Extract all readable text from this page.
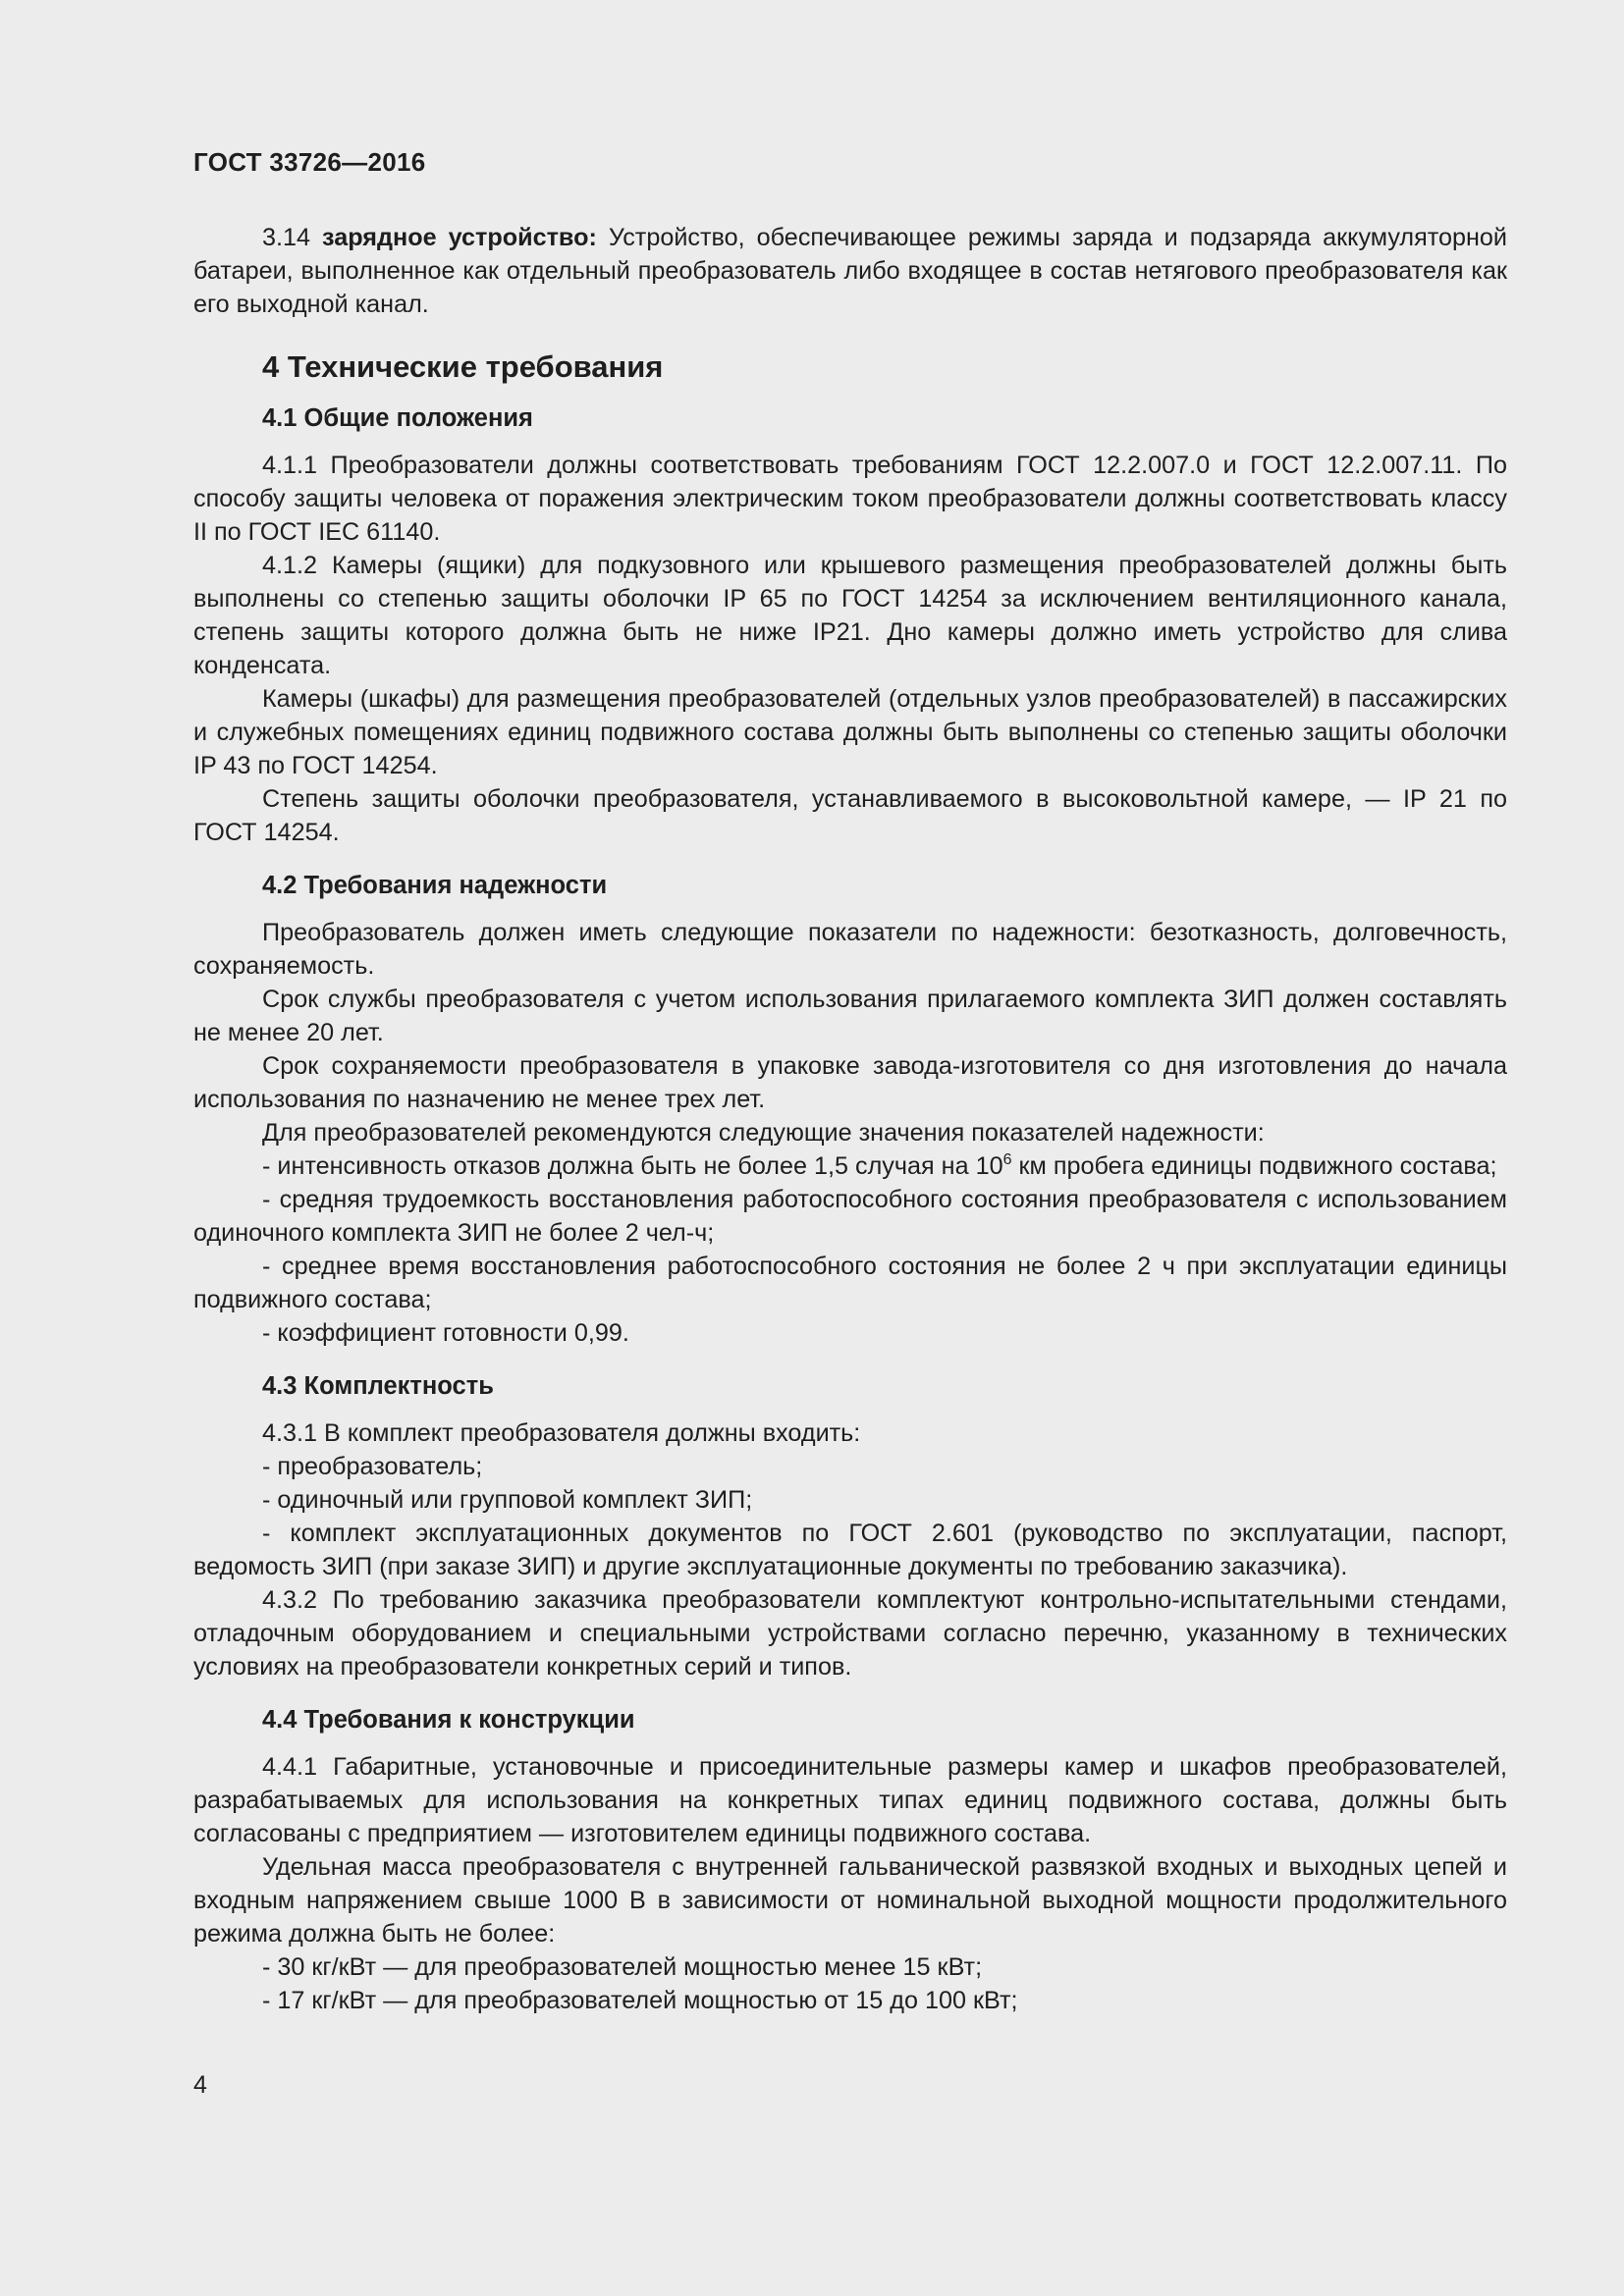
ГОСТ 33726—2016

3.14 зарядное устройство: Устройство, обеспечивающее режимы заряда и подзаряда аккумуляторной батареи, выполненное как отдельный преобразователь либо входящее в состав нетягового преобразователя как его выходной канал.

4 Технические требования
4.1 Общие положения

4.1.1 Преобразователи должны соответствовать требованиям ГОСТ 12.2.007.0 и ГОСТ 12.2.007.11. По способу защиты человека от поражения электрическим током преобразователи должны соответствовать классу II по ГОСТ IEC 61140.

4.1.2 Камеры (ящики) для подкузовного или крышевого размещения преобразователей должны быть выполнены со степенью защиты оболочки IP 65 по ГОСТ 14254 за исключением вентиляционного канала, степень защиты которого должна быть не ниже IP21. Дно камеры должно иметь устройство для слива конденсата.

Камеры (шкафы) для размещения преобразователей (отдельных узлов преобразователей) в пассажирских и служебных помещениях единиц подвижного состава должны быть выполнены со степенью защиты оболочки IP 43 по ГОСТ 14254.

Степень защиты оболочки преобразователя, устанавливаемого в высоковольтной камере, — IP 21 по ГОСТ 14254.

4.2 Требования надежности

Преобразователь должен иметь следующие показатели по надежности: безотказность, долговечность, сохраняемость.

Срок службы преобразователя с учетом использования прилагаемого комплекта ЗИП должен составлять не менее 20 лет.

Срок сохраняемости преобразователя в упаковке завода-изготовителя со дня изготовления до начала использования по назначению не менее трех лет.

Для преобразователей рекомендуются следующие значения показателей надежности:

- интенсивность отказов должна быть не более 1,5 случая на $10^6$ км пробега единицы подвижного состава;

- средняя трудоемкость восстановления работоспособного состояния преобразователя с использованием одиночного комплекта ЗИП не более 2 чел-ч;

- среднее время восстановления работоспособного состояния не более 2 ч при эксплуатации единицы подвижного состава;

- коэффициент готовности 0,99.

4.3 Комплектность

4.3.1 В комплект преобразователя должны входить:

- преобразователь;

- одиночный или групповой комплект ЗИП;

- комплект эксплуатационных документов по ГОСТ 2.601 (руководство по эксплуатации, паспорт, ведомость ЗИП (при заказе ЗИП) и другие эксплуатационные документы по требованию заказчика).

4.3.2 По требованию заказчика преобразователи комплектуют контрольно-испытательными стендами, отладочным оборудованием и специальными устройствами согласно перечню, указанному в технических условиях на преобразователи конкретных серий и типов.

4.4 Требования к конструкции

4.4.1 Габаритные, установочные и присоединительные размеры камер и шкафов преобразователей, разрабатываемых для использования на конкретных типах единиц подвижного состава, должны быть согласованы с предприятием — изготовителем единицы подвижного состава.

Удельная масса преобразователя с внутренней гальванической развязкой входных и выходных цепей и входным напряжением свыше 1000 В в зависимости от номинальной выходной мощности продолжительного режима должна быть не более:

- 30 кг/кВт — для преобразователей мощностью менее 15 кВт;

- 17 кг/кВт — для преобразователей мощностью от 15 до 100 кВт;

4
